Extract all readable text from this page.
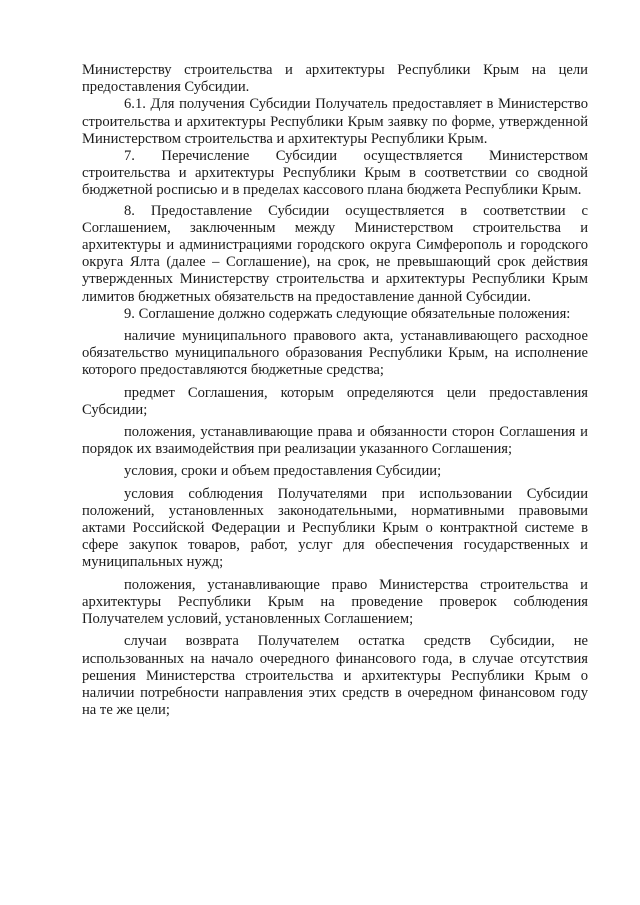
Министерству строительства и архитектуры Республики Крым на цели предоставления Субсидии.

6.1. Для получения Субсидии Получатель предоставляет в Министерство строительства и архитектуры Республики Крым заявку по форме, утвержденной Министерством строительства и архитектуры Республики Крым.

7. Перечисление Субсидии осуществляется Министерством строительства и архитектуры Республики Крым в соответствии со сводной бюджетной росписью и в пределах кассового плана бюджета Республики Крым.

8. Предоставление Субсидии осуществляется в соответствии с Соглашением, заключенным между Министерством строительства и архитектуры и администрациями городского округа Симферополь и городского округа Ялта (далее – Соглашение), на срок, не превышающий срок действия утвержденных Министерству строительства и архитектуры Республики Крым лимитов бюджетных обязательств на предоставление данной Субсидии.

9. Соглашение должно содержать следующие обязательные положения:

наличие муниципального правового акта, устанавливающего расходное обязательство муниципального образования Республики Крым, на исполнение которого предоставляются бюджетные средства;

предмет Соглашения, которым определяются цели предоставления Субсидии;

положения, устанавливающие права и обязанности сторон Соглашения и порядок их взаимодействия при реализации указанного Соглашения;

условия, сроки и объем предоставления Субсидии;

условия соблюдения Получателями при использовании Субсидии положений, установленных законодательными, нормативными правовыми актами Российской Федерации и Республики Крым о контрактной системе в сфере закупок товаров, работ, услуг для обеспечения государственных и муниципальных нужд;

положения, устанавливающие право Министерства строительства и архитектуры Республики Крым на проведение проверок соблюдения Получателем условий, установленных Соглашением;

случаи возврата Получателем остатка средств Субсидии, не использованных на начало очередного финансового года, в случае отсутствия решения Министерства строительства и архитектуры Республики Крым о наличии потребности направления этих средств в очередном финансовом году на те же цели;
